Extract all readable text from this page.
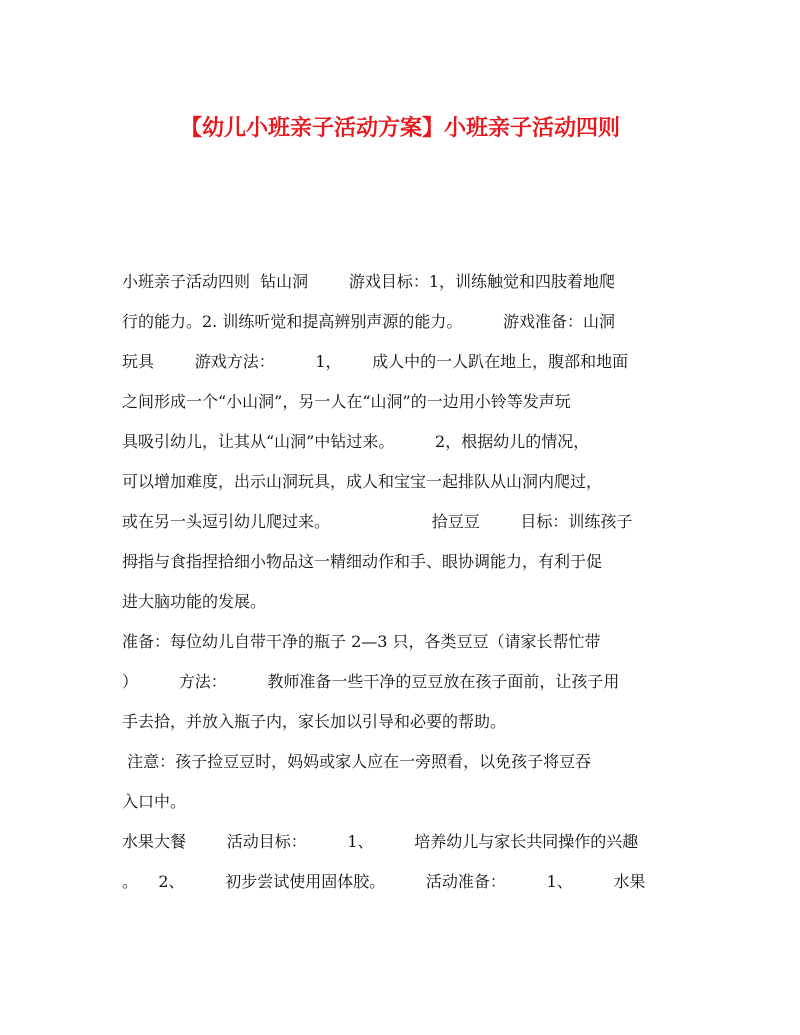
【幼儿小班亲子活动方案】小班亲子活动四则
小班亲子活动四则  钻山洞        游戏目标：1，训练触觉和四肢着地爬
行的能力。2. 训练听觉和提高辨别声源的能力。        游戏准备：山洞
玩具        游戏方法：        1，      成人中的一人趴在地上，腹部和地面
之间形成一个“小山洞”，另一人在“山洞”的一边用小铃等发声玩
具吸引幼儿，让其从“山洞”中钻过来。        2，根据幼儿的情况，
可以增加难度，出示山洞玩具，成人和宝宝一起排队从山洞内爬过，
或在另一头逗引幼儿爬过来。                    拾豆豆        目标：训练孩子
拇指与食指捏拾细小物品这一精细动作和手、眼协调能力，有利于促
进大脑功能的发展。
准备：每位幼儿自带干净的瓶子 2—3 只，各类豆豆（请家长帮忙带
）        方法：        教师准备一些干净的豆豆放在孩子面前，让孩子用
手去拾，并放入瓶子内，家长加以引导和必要的帮助。
注意：孩子捡豆豆时，妈妈或家人应在一旁照看，以免孩子将豆吞
入口中。
水果大餐        活动目标：        1、        培养幼儿与家长共同操作的兴趣
。    2、        初步尝试使用固体胶。        活动准备：        1、        水果
